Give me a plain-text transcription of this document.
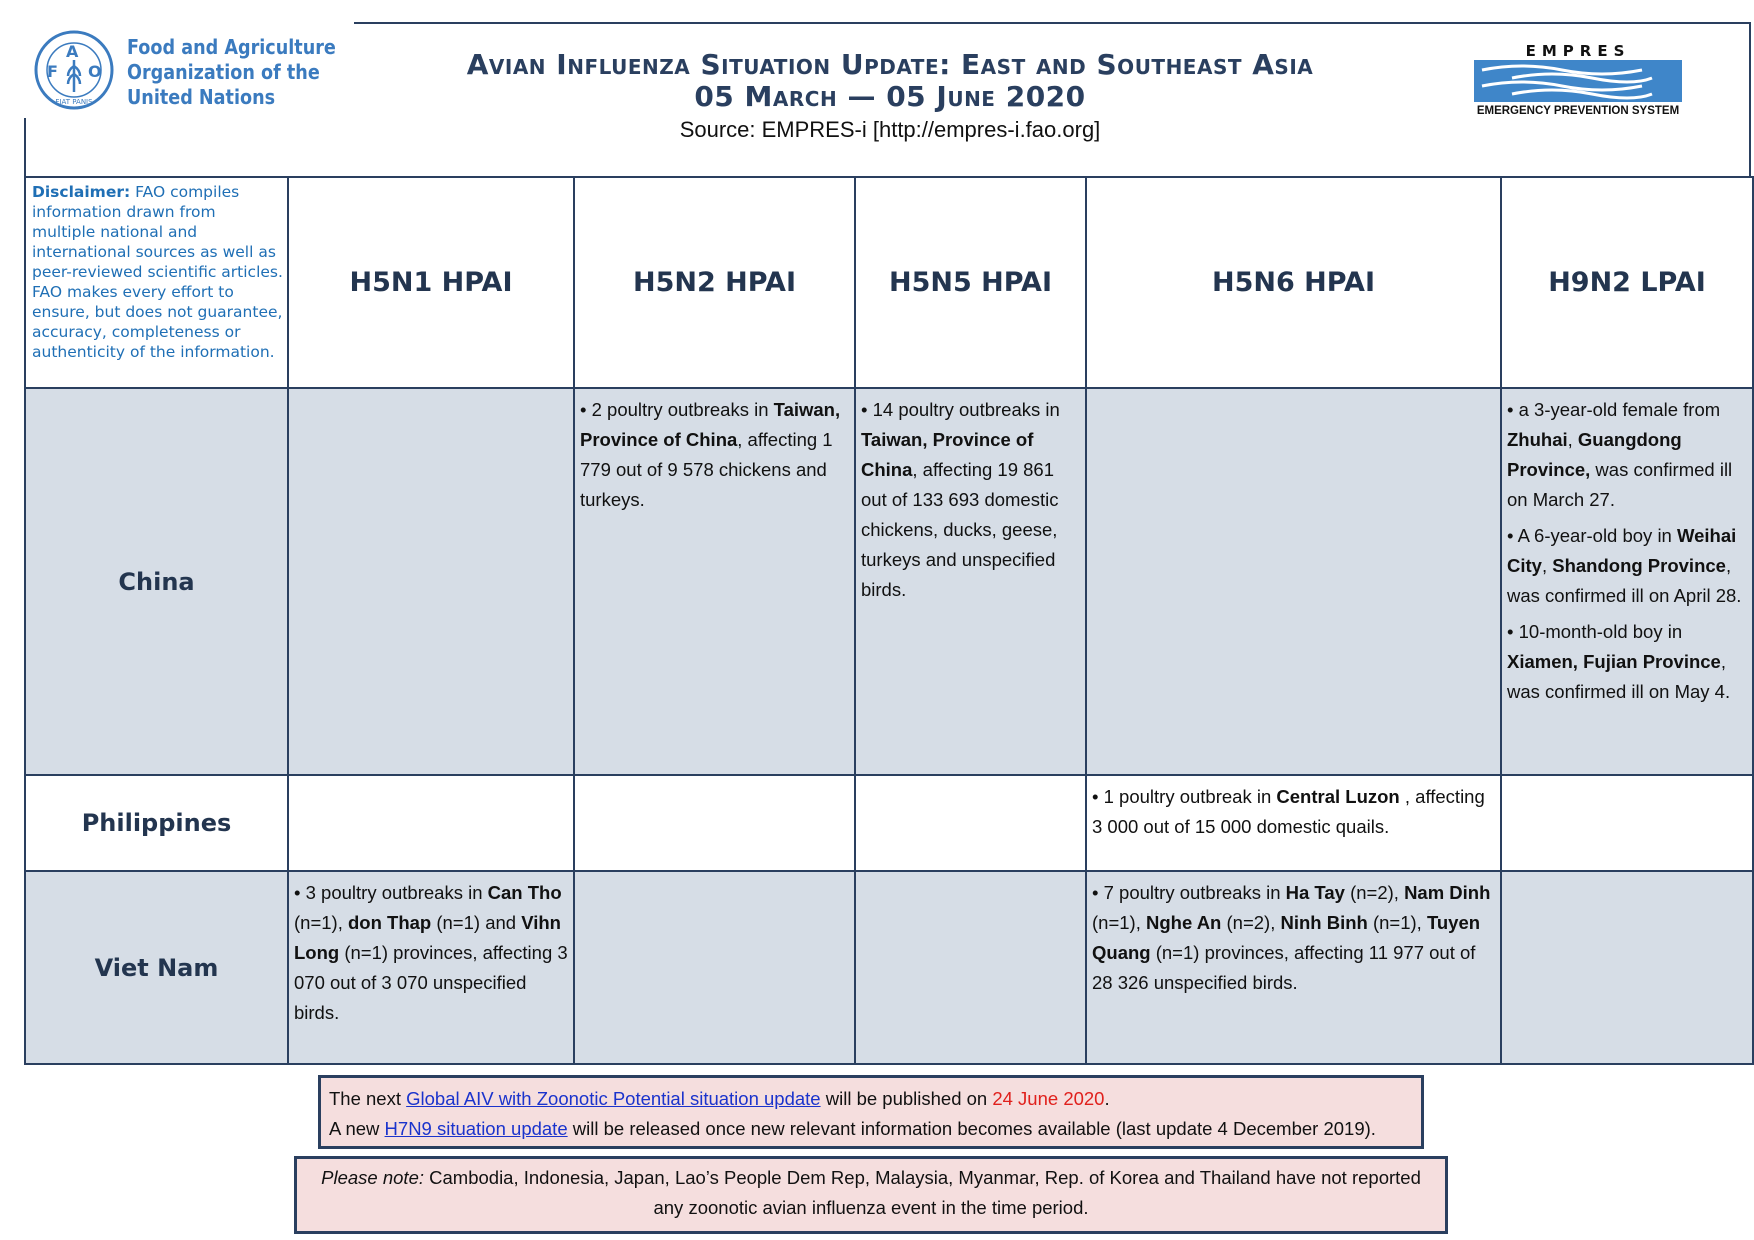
F
A
O
FIAT PANIS
Food and Agriculture
Organization of the
United Nations
Avian Influenza Situation Update: East and Southeast Asia
05 March — 05 June 2020
Source: EMPRES-i [http://empres-i.fao.org]
EMPRES
EMERGENCY PREVENTION SYSTEM
Disclaimer: FAO compiles information drawn from multiple national and international sources as well as peer-reviewed scientific articles. FAO makes every effort to ensure, but does not guarantee, accuracy, completeness or authenticity of the information.	H5N1 HPAI	H5N2 HPAI	H5N5 HPAI	H5N6 HPAI	H9N2 LPAI
China		• 2 poultry outbreaks in Taiwan, Province of China, affecting 1 779 out of 9 578 chickens and turkeys.	• 14 poultry outbreaks in Taiwan, Province of China, affecting 19 861 out of 133 693 domestic chickens, ducks, geese, turkeys and unspecified birds.		• a 3-year-old female from Zhuhai, Guangdong Province, was confirmed ill on March 27.

• A 6-year-old boy in Weihai City, Shandong Province, was confirmed ill on April 28.

• 10-month-old boy in Xiamen, Fujian Province, was confirmed ill on May 4.

Philippines				• 1 poultry outbreak in Central Luzon , affecting 3 000 out of 15 000 domestic quails.	

Viet Nam	• 3 poultry outbreaks in Can Tho (n=1), don Thap (n=1) and Vihn Long (n=1) provinces, affecting 3 070 out of 3 070 unspecified birds.			• 7 poultry outbreaks in Ha Tay (n=2), Nam Dinh (n=1), Nghe An (n=2), Ninh Binh (n=1), Tuyen Quang (n=1) provinces, affecting 11 977 out of 28 326 unspecified birds.	

The next Global AIV with Zoonotic Potential situation update will be published on 24 June 2020.
A new H7N9 situation update will be released once new relevant information becomes available (last update 4 December 2019).
Please note: Cambodia, Indonesia, Japan, Lao’s People Dem Rep, Malaysia, Myanmar, Rep. of Korea and Thailand have not reported any zoonotic avian influenza event in the time period.
